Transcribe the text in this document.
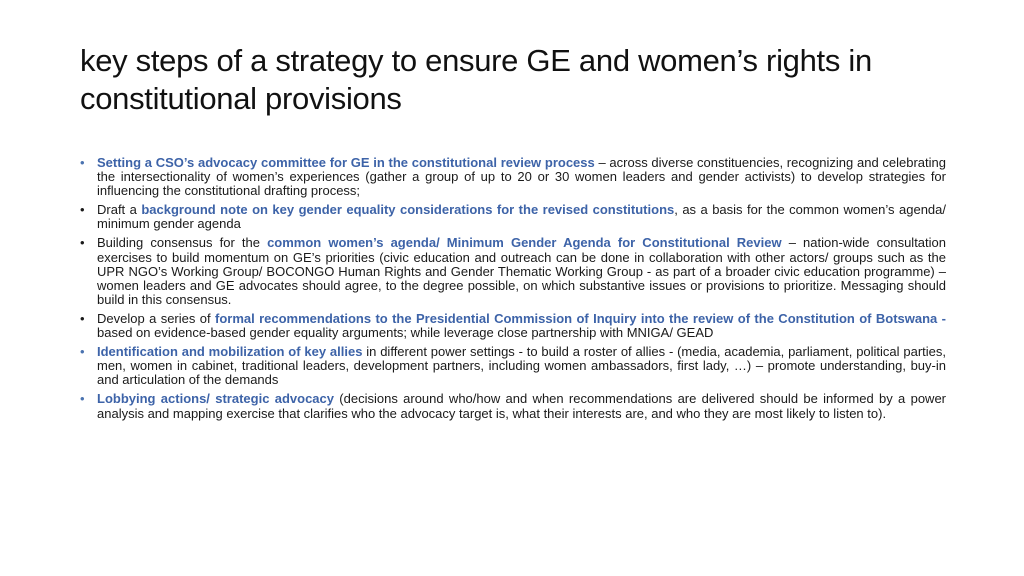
key steps of a strategy to ensure GE and women’s rights in constitutional provisions
• Setting a CSO’s advocacy committee for GE in the constitutional review process – across diverse constituencies, recognizing and celebrating the intersectionality of women’s experiences (gather a group of up to 20 or 30 women leaders and gender activists) to develop strategies for influencing the constitutional drafting process;
• Draft a background note on key gender equality considerations for the revised constitutions, as a basis for the common women’s agenda/ minimum gender agenda
• Building consensus for the common women’s agenda/ Minimum Gender Agenda for Constitutional Review – nation-wide consultation exercises to build momentum on GE’s priorities (civic education and outreach can be done in collaboration with other actors/ groups such as the UPR NGO’s Working Group/ BOCONGO Human Rights and Gender Thematic Working Group - as part of a broader civic education programme) – women leaders and GE advocates should agree, to the degree possible, on which substantive issues or provisions to prioritize. Messaging should build in this consensus.
• Develop a series of formal recommendations to the Presidential Commission of Inquiry into the review of the Constitution of Botswana - based on evidence-based gender equality arguments; while leverage close partnership with MNIGA/ GEAD
• Identification and mobilization of key allies in different power settings - to build a roster of allies - (media, academia, parliament, political parties, men, women in cabinet, traditional leaders, development partners, including women ambassadors, first lady, …) – promote understanding, buy-in and articulation of the demands
• Lobbying actions/ strategic advocacy (decisions around who/how and when recommendations are delivered should be informed by a power analysis and mapping exercise that clarifies who the advocacy target is, what their interests are, and who they are most likely to listen to).
